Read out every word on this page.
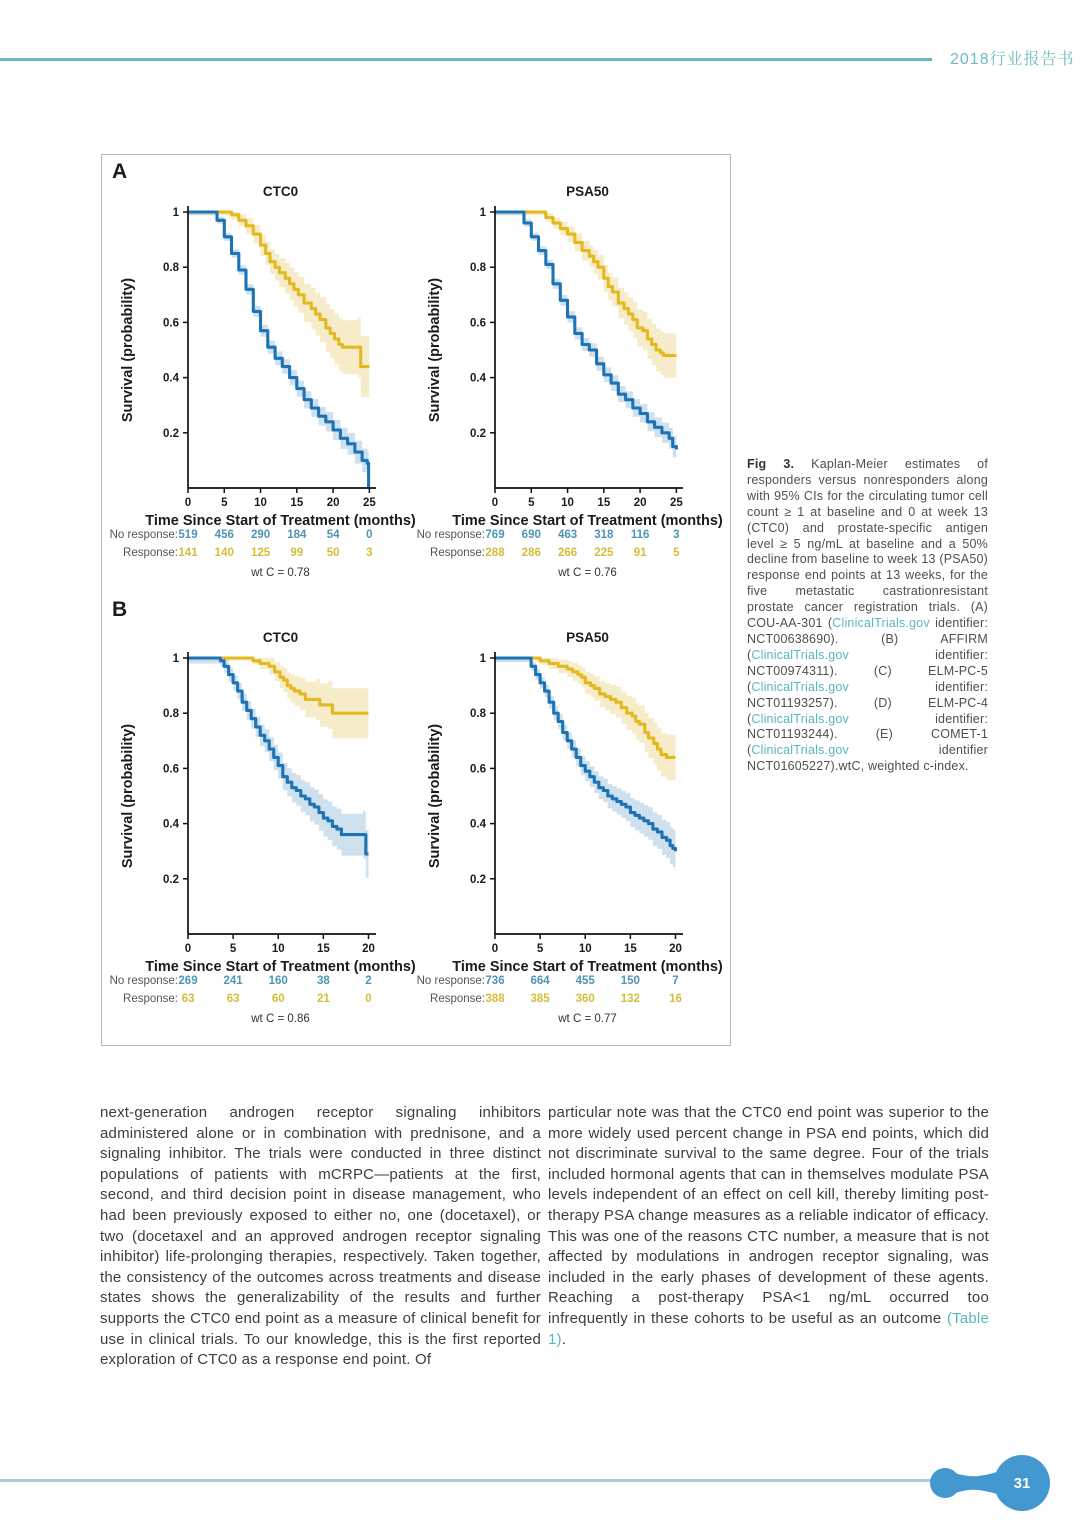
2018行业报告书
A
B
CTC0
1
0.8
0.6
0.4
0.2
0	5 10 15 20 25
Survival (probability)
Time Since Start of Treatment (months)
No response: 519 456 290 184 54 0
Response: 141 140 125 99 50 3
wt C = 0.78
PSA50
1
0.8
0.6
0.4
0.2
0	5 10 15 20 25
Survival (probability)
Time Since Start of Treatment (months)
No response: 769 690 463 318 116 3
Response: 288 286 266 225 91 5
wt C = 0.76
CTC0
1
0.8
0.6
0.4
0.2
0	5	10	15	20
Survival (probability)
Time Since Start of Treatment (months)
No response: 269 241 160	38	2
Response: 63	63	60	21	0
wt C = 0.86
PSA50
1
0.8
0.6
0.4
0.2
0	5	10	15	20
Survival (probability)
Time Since Start of Treatment (months)
No response: 736 664 455 150	7
Response: 388 385 360 132	16
wt C = 0.77
Fig 3. Kaplan-Meier estimates of responders versus nonresponders along with 95% CIs for the circulating tumor cell count ≥ 1 at baseline and 0 at week 13 (CTC0) and prostate-specific antigen level ≥ 5 ng/mL at baseline and a 50% decline from baseline to week 13 (PSA50) response end points at 13 weeks, for the five metastatic castrationresistant prostate cancer registration trials. (A) COU-AA-301 (ClinicalTrials.gov identifier: NCT00638690). (B) AFFIRM (ClinicalTrials.gov identifier: NCT00974311). (C) ELM-PC-5 (ClinicalTrials.gov identifier: NCT01193257). (D) ELM-PC-4 (ClinicalTrials.gov identifier: NCT01193244). (E) COMET-1 (ClinicalTrials.gov identifier NCT01605227).wtC, weighted c-index.
next-generation androgen receptor signaling inhibitors administered alone or in combination with prednisone, and a signaling inhibitor. The trials were conducted in three distinct populations of patients with mCRPC—patients at the first, second, and third decision point in disease management, who had been previously exposed to either no, one (docetaxel), or two (docetaxel and an approved androgen receptor signaling inhibitor) life-prolonging therapies, respectively. Taken together, the consistency of the outcomes across treatments and disease states shows the generalizability of the results and further supports the CTC0 end point as a measure of clinical benefit for use in clinical trials. To our knowledge, this is the first reported exploration of CTC0 as a response end point. Of
particular note was that the CTC0 end point was superior to the more widely used percent change in PSA end points, which did not discriminate survival to the same degree. Four of the trials included hormonal agents that can in themselves modulate PSA levels independent of an effect on cell kill, thereby limiting post-therapy PSA change measures as a reliable indicator of efficacy. This was one of the reasons CTC number, a measure that is not affected by modulations in androgen receptor signaling, was included in the early phases of development of these agents. Reaching a post-therapy PSA<1 ng/mL occurred too infrequently in these cohorts to be useful as an outcome (Table 1).
31
